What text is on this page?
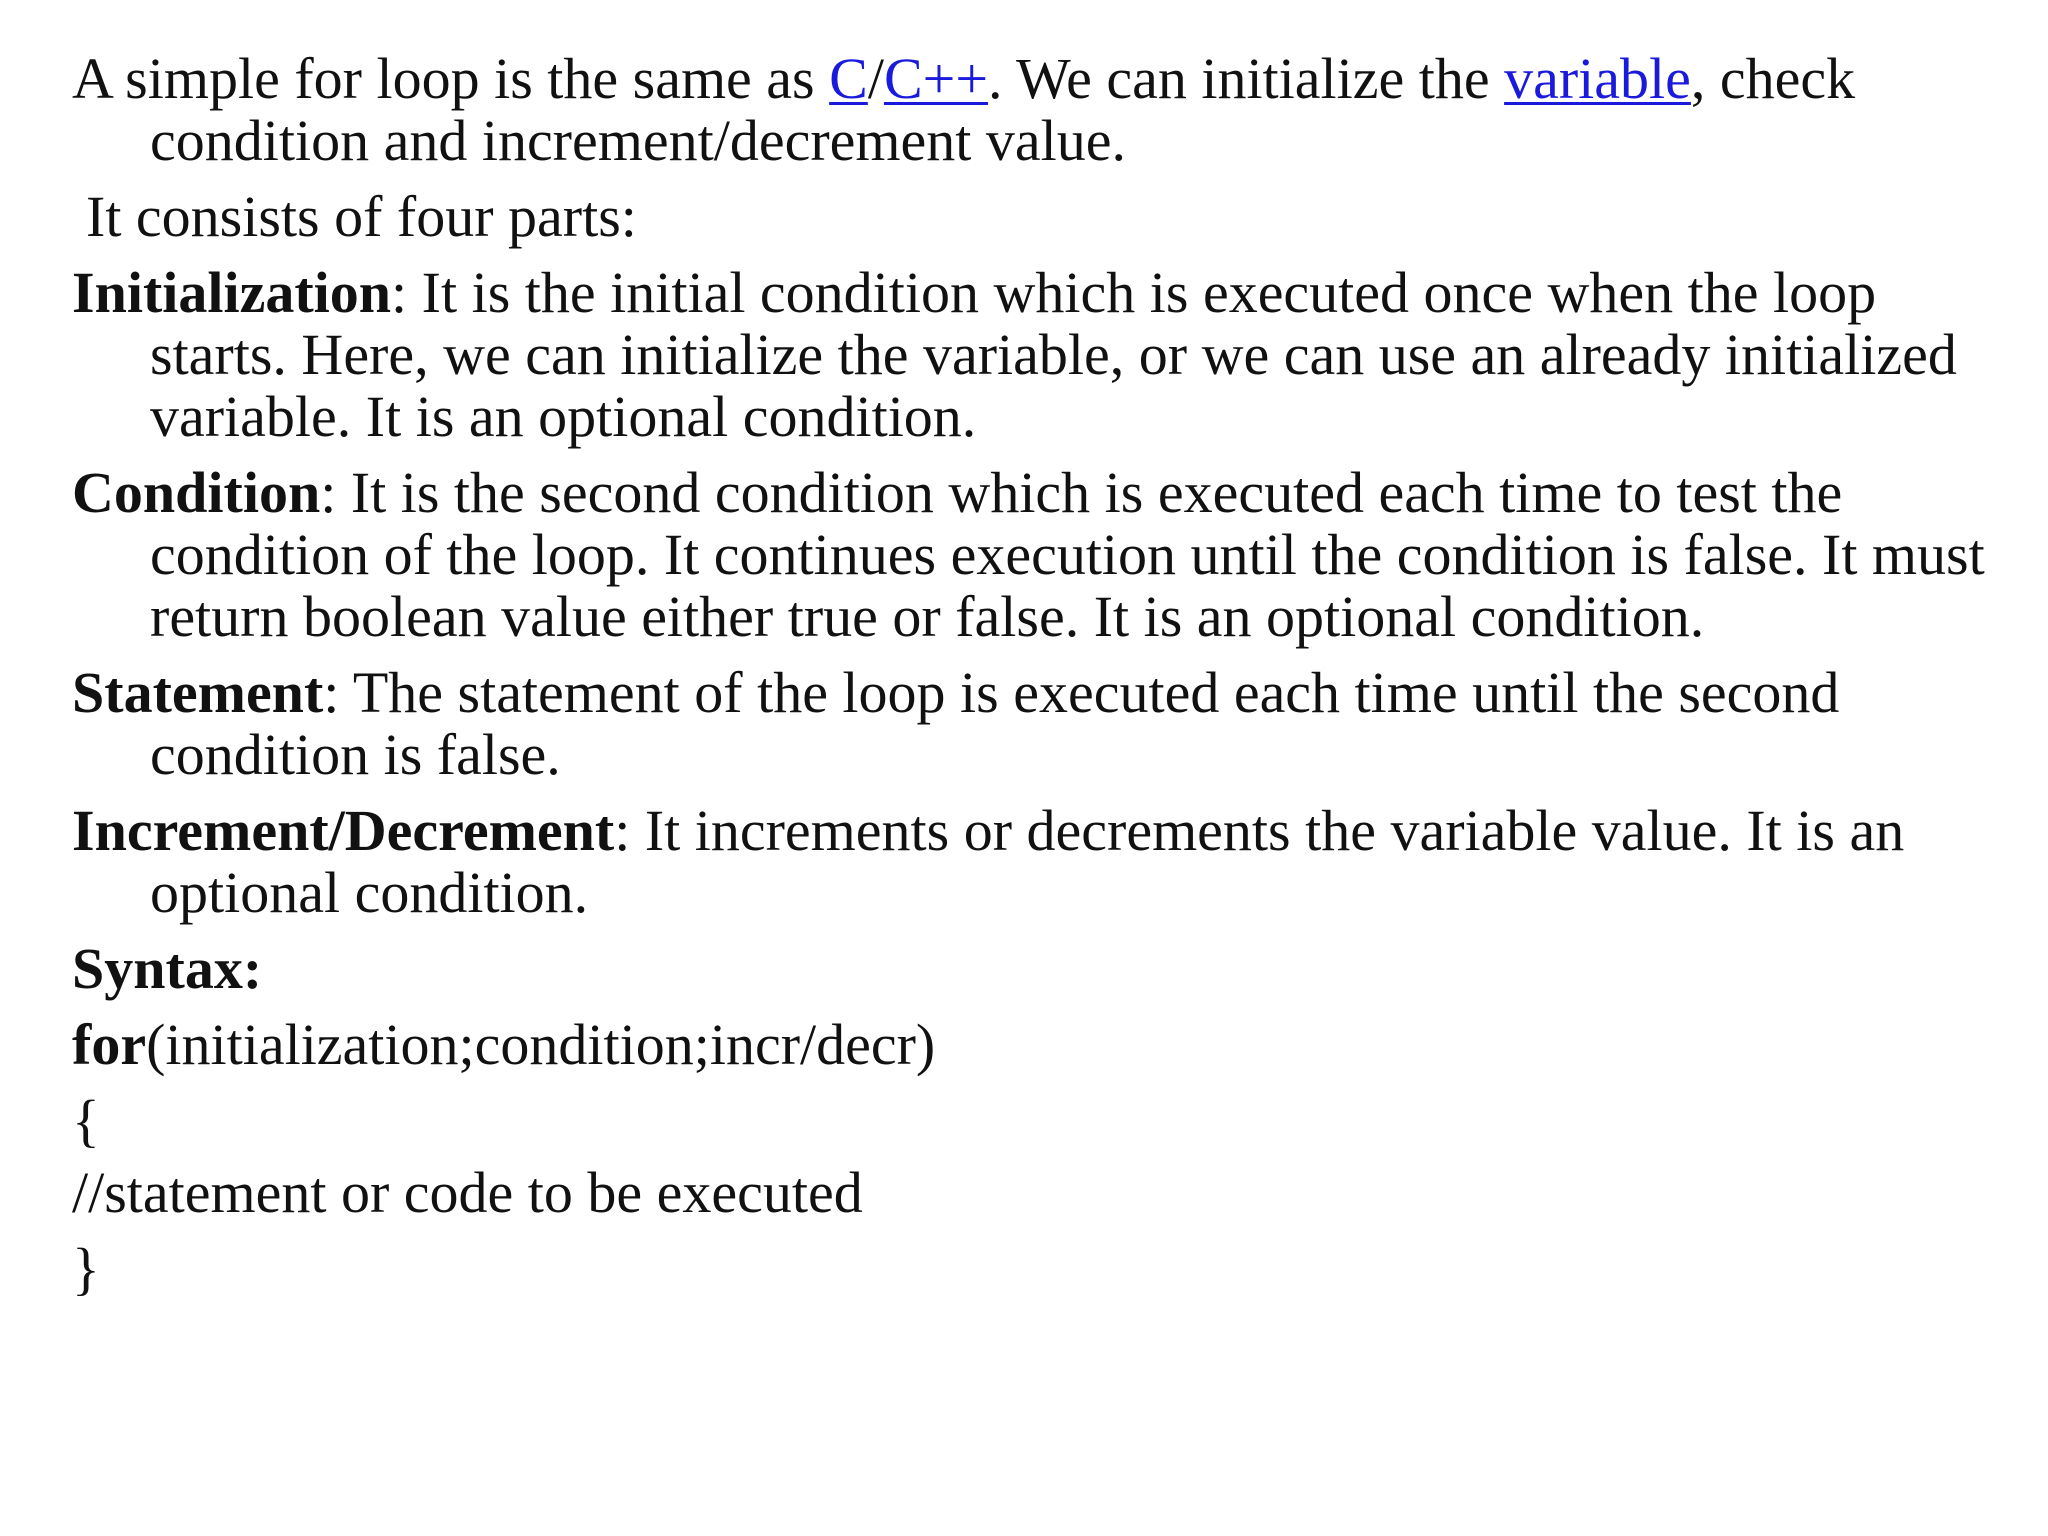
A simple for loop is the same as C/C++. We can initialize the variable, check condition and increment/decrement value.

It consists of four parts:

Initialization: It is the initial condition which is executed once when the loop starts. Here, we can initialize the variable, or we can use an already initialized variable. It is an optional condition.

Condition: It is the second condition which is executed each time to test the condition of the loop. It continues execution until the condition is false. It must return boolean value either true or false. It is an optional condition.

Statement: The statement of the loop is executed each time until the second condition is false.

Increment/Decrement: It increments or decrements the variable value. It is an optional condition.

Syntax:

for(initialization;condition;incr/decr)

{

//statement or code to be executed

}
